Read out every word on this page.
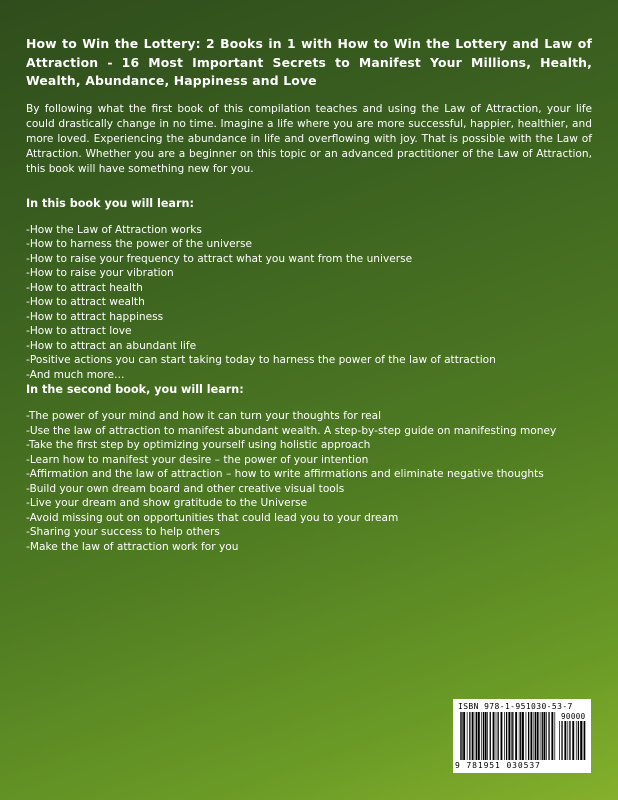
How to Win the Lottery: 2 Books in 1 with How to Win the Lottery and Law of Attraction - 16 Most Important Secrets to Manifest Your Millions, Health, Wealth, Abundance, Happiness and Love

By following what the first book of this compilation teaches and using the Law of Attraction, your life could drastically change in no time. Imagine a life where you are more successful, happier, healthier, and more loved. Experiencing the abundance in life and overflowing with joy. That is possible with the Law of Attraction. Whether you are a beginner on this topic or an advanced practitioner of the Law of Attraction, this book will have something new for you.

In this book you will learn:

-How the Law of Attraction works
-How to harness the power of the universe
-How to raise your frequency to attract what you want from the universe
-How to raise your vibration
-How to attract health
-How to attract wealth
-How to attract happiness
-How to attract love
-How to attract an abundant life
-Positive actions you can start taking today to harness the power of the law of attraction
-And much more…

In the second book, you will learn:

-The power of your mind and how it can turn your thoughts for real
-Use the law of attraction to manifest abundant wealth. A step-by-step guide on manifesting money
-Take the first step by optimizing yourself using holistic approach
-Learn how to manifest your desire – the power of your intention
-Affirmation and the law of attraction – how to write affirmations and eliminate negative thoughts
-Build your own dream board and other creative visual tools
-Live your dream and show gratitude to the Universe
-Avoid missing out on opportunities that could lead you to your dream
-Sharing your success to help others
-Make the law of attraction work for you
ISBN 978-1-951030-53-7
90000
9 781951 030537
